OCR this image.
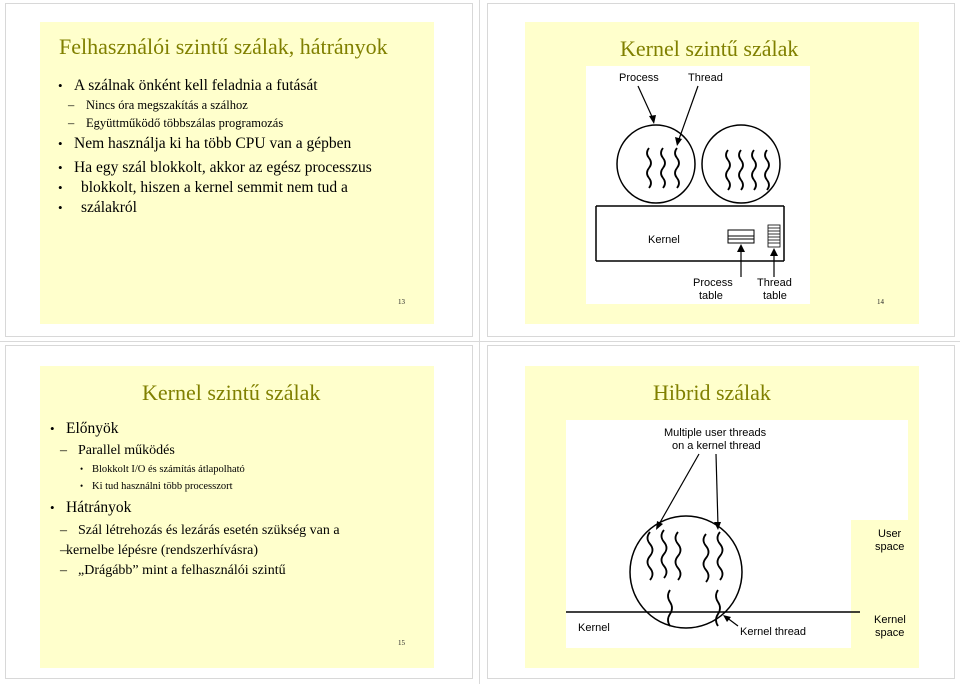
Felhasználói szintű szálak, hátrányok
• A szálnak önként kell feladnia a futását
– Nincs óra megszakítás a szálhoz
– Együttműködő többszálas programozás
• Nem használja ki ha több CPU van a gépben
• Ha egy szál blokkolt, akkor az egész processzus
• blokkolt, hiszen a kernel semmit nem tud a
• szálakról
13
Kernel szintű szálak
14
Process	Thread
Kernel
Process table
Thread table
Kernel szintű szálak
15
• Előnyök
– Parallel működés
• Blokkolt I/O és számítás átlapolható
• Ki tud használni több processzort
• Hátrányok
– Szál létrehozás és lezárás esetén szükség van a
– kernelbe lépésre (rendszerhívásra)
– „Drágább” mint a felhasználói szintű
Hibrid szálak
Multiple user threads on a kernel thread
User space
Kernel space
Kernel	Kernel thread
